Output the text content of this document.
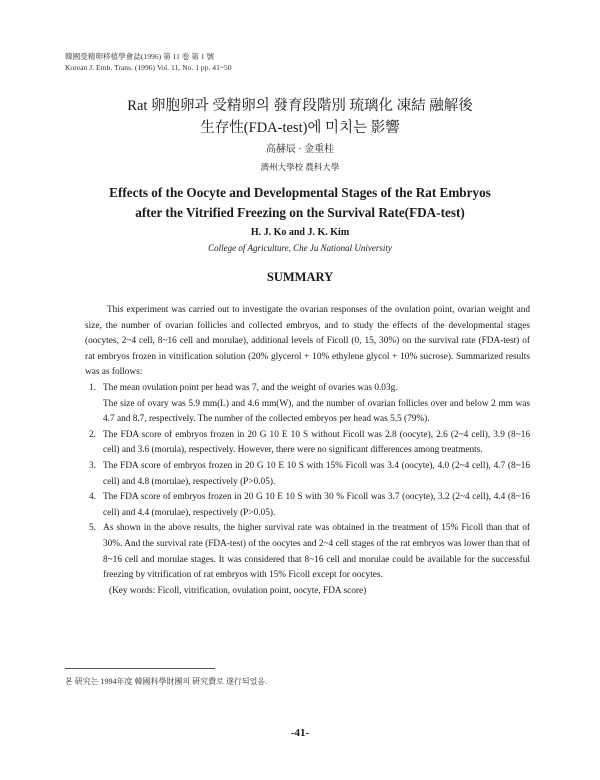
韓國受精卵移植學會誌(1996) 第 11 卷 第 1 號
Korean J. Emb. Trans. (1996) Vol. 11, No. 1 pp. 41~50
Rat 卵胞卵과 受精卵의 發育段階別 琉璃化 凍結 融解後
生存性(FDA-test)에 미치는 影響
高赫辰 · 金重桂
濟州大學校 農科大學
Effects of the Oocyte and Developmental Stages of the Rat Embryos
after the Vitrified Freezing on the Survival Rate(FDA-test)
H. J. Ko and J. K. Kim
College of Agriculture, Che Ju National University
SUMMARY

This experiment was carried out to investigate the ovarian responses of the ovulation point, ovarian weight and size, the number of ovarian follicles and collected embryos, and to study the effects of the developmental stages (oocytes, 2~4 cell, 8~16 cell and morulae), additional levels of Ficoll (0, 15, 30%) on the survival rate (FDA-test) of rat embryos frozen in vitrification solution (20% glycerol + 10% ethylene glycol + 10% sucrose). Summarized results was as follows:

1. The mean ovulation point per head was 7, and the weight of ovaries was 0.03g.
The size of ovary was 5.9 mm(L) and 4.6 mm(W), and the number of ovarian follicles over and below 2 mm was 4.7 and 8.7, respectively. The number of the collected embryos per head was 5.5 (79%).
2. The FDA score of embryos frozen in 20 G 10 E 10 S without Ficoll was 2.8 (oocyte), 2.6 (2~4 cell), 3.9 (8~16 cell) and 3.6 (morula), respectively. However, there were no significant differences among treatments.
3. The FDA score of embryos frozen in 20 G 10 E 10 S with 15% Ficoll was 3.4 (oocyte), 4.0 (2~4 cell), 4.7 (8~16 cell) and 4.8 (morulae), respectively (P>0.05).
4. The FDA score of embryos frozen in 20 G 10 E 10 S with 30 % Ficoll was 3.7 (oocyte), 3.2 (2~4 cell), 4.4 (8~16 cell) and 4.4 (morulae), respectively (P>0.05).
5. As shown in the above results, the higher survival rate was obtained in the treatment of 15% Ficoll than that of 30%. And the survival rate (FDA-test) of the oocytes and 2~4 cell stages of the rat embryos was lower than that of 8~16 cell and morulae stages. It was considered that 8~16 cell and morulae could be available for the successful freezing by vitrification of rat embryos with 15% Ficoll except for oocytes.
(Key words: Ficoll, vitrification, ovulation point, oocyte, FDA score)
본 研究는 1994年度 韓國科學財團의 硏究費로 遂行되었음.
-41-
